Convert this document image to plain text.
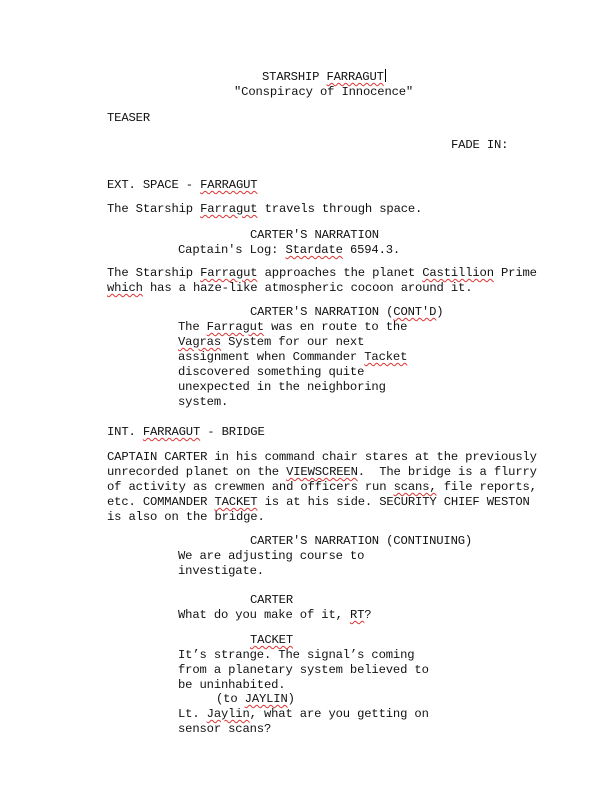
STARSHIP FARRAGUT
"Conspiracy of Innocence"
TEASER
FADE IN:
EXT. SPACE - FARRAGUT
The Starship Farragut travels through space.
CARTER'S NARRATION
Captain's Log: Stardate 6594.3.
The Starship Farragut approaches the planet Castillion Prime
which has a haze-like atmospheric cocoon around it.
CARTER'S NARRATION (CONT'D)
The Farragut was en route to the
Vagras System for our next
assignment when Commander Tacket
discovered something quite
unexpected in the neighboring
system.
INT. FARRAGUT - BRIDGE
CAPTAIN CARTER in his command chair stares at the previously
unrecorded planet on the VIEWSCREEN.  The bridge is a flurry
of activity as crewmen and officers run scans, file reports,
etc. COMMANDER TACKET is at his side. SECURITY CHIEF WESTON
is also on the bridge.
CARTER'S NARRATION (CONTINUING)
We are adjusting course to
investigate.
CARTER
What do you make of it, RT?
TACKET
It’s strange. The signal’s coming
from a planetary system believed to
be uninhabited.
(to JAYLIN)
Lt. Jaylin, what are you getting on
sensor scans?
